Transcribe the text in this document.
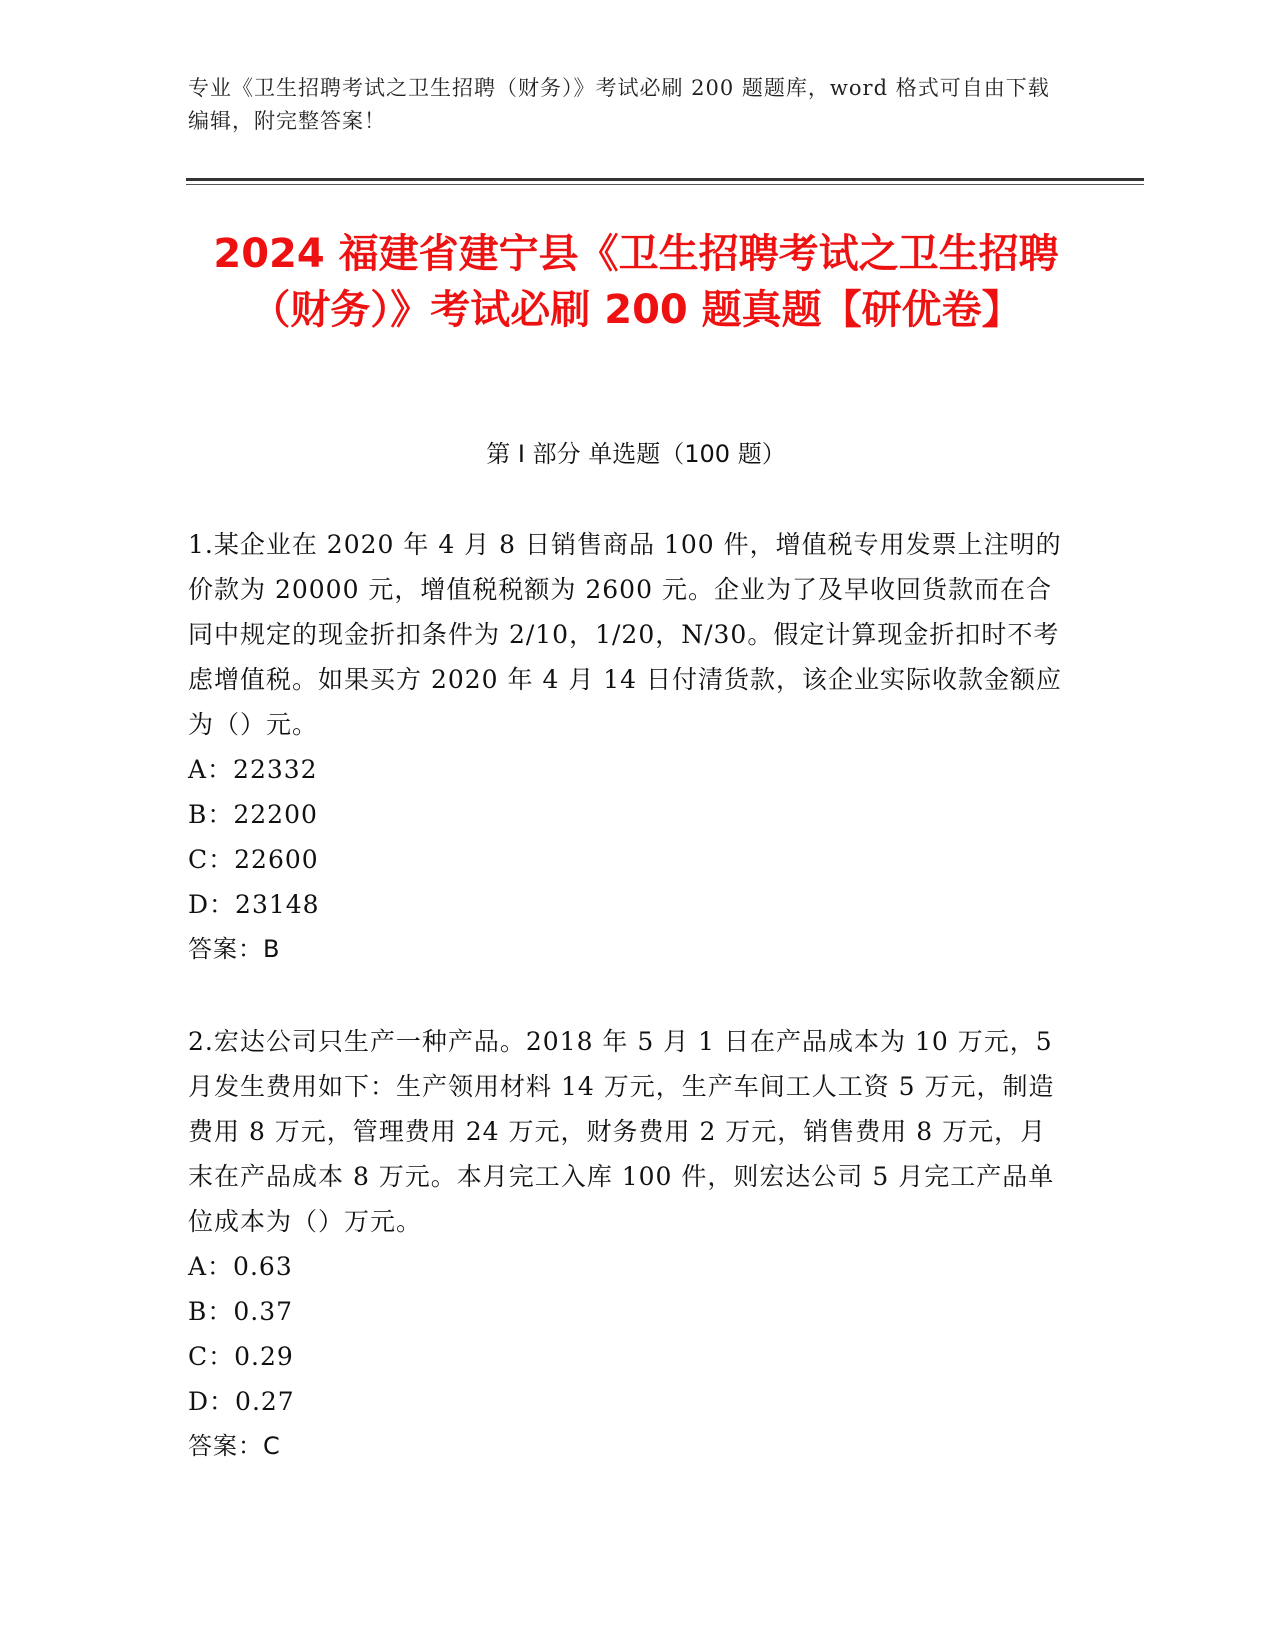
专业《卫生招聘考试之卫生招聘（财务）》考试必刷 200 题题库，word 格式可自由下载编辑，附完整答案！
2024 福建省建宁县《卫生招聘考试之卫生招聘（财务）》考试必刷 200 题真题【研优卷】
第 I 部分 单选题（100 题）

1.某企业在 2020 年 4 月 8 日销售商品 100 件，增值税专用发票上注明的价款为 20000 元，增值税税额为 2600 元。企业为了及早收回货款而在合同中规定的现金折扣条件为 2/10，1/20，N/30。假定计算现金折扣时不考虑增值税。如果买方 2020 年 4 月 14 日付清货款，该企业实际收款金额应为（）元。

A：22332

B：22200

C：22600

D：23148

答案：B

2.宏达公司只生产一种产品。2018 年 5 月 1 日在产品成本为 10 万元，5 月发生费用如下：生产领用材料 14 万元，生产车间工人工资 5 万元，制造费用 8 万元，管理费用 24 万元，财务费用 2 万元，销售费用 8 万元，月末在产品成本 8 万元。本月完工入库 100 件，则宏达公司 5 月完工产品单位成本为（）万元。

A：0.63

B：0.37

C：0.29

D：0.27

答案：C
